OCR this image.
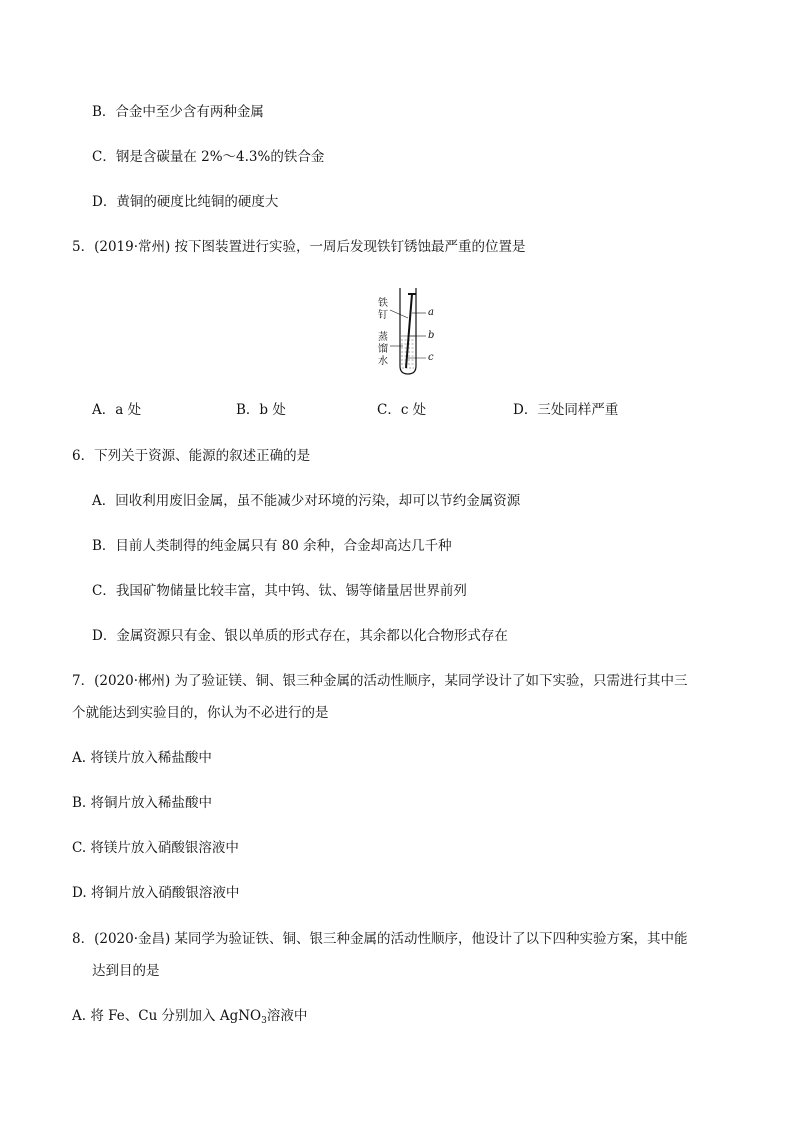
B．合金中至少含有两种金属
C．钢是含碳量在 2%～4.3%的铁合金
D．黄铜的硬度比纯铜的硬度大
5．(2019·常州) 按下图装置进行实验，一周后发现铁钉锈蚀最严重的位置是
铁
钉
蒸
馏
水
a
b
c
A．a 处	B．b 处	C．c 处	D．三处同样严重
6．下列关于资源、能源的叙述正确的是
A．回收利用废旧金属，虽不能减少对环境的污染，却可以节约金属资源
B．目前人类制得的纯金属只有 80 余种，合金却高达几千种
C．我国矿物储量比较丰富，其中钨、钛、锡等储量居世界前列
D．金属资源只有金、银以单质的形式存在，其余都以化合物形式存在
7．(2020·郴州) 为了验证镁、铜、银三种金属的活动性顺序，某同学设计了如下实验，只需进行其中三
个就能达到实验目的，你认为不必进行的是
A. 将镁片放入稀盐酸中
B. 将铜片放入稀盐酸中
C. 将镁片放入硝酸银溶液中
D. 将铜片放入硝酸银溶液中
8．(2020·金昌) 某同学为验证铁、铜、银三种金属的活动性顺序，他设计了以下四种实验方案，其中能
达到目的是
A. 将 Fe、Cu 分别加入 AgNO$_3$溶液中
